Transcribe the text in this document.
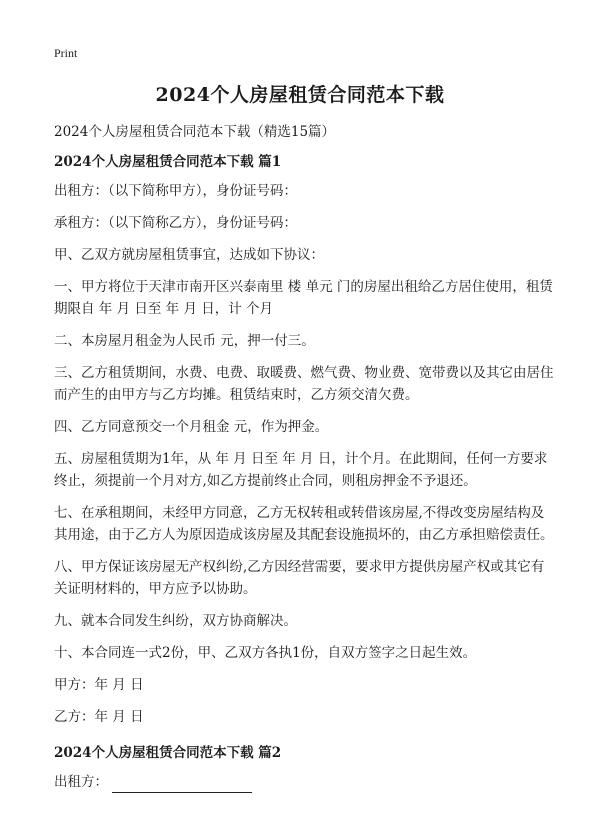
Print
2024个人房屋租赁合同范本下载
2024个人房屋租赁合同范本下载（精选15篇）

2024个人房屋租赁合同范本下载 篇1

出租方：（以下简称甲方），身份证号码：

承租方：（以下简称乙方），身份证号码：

甲、乙双方就房屋租赁事宜，达成如下协议：

一、甲方将位于天津市南开区兴泰南里 楼 单元 门的房屋出租给乙方居住使用，租赁期限自 年 月 日至 年 月 日，计 个月

二、本房屋月租金为人民币 元，押一付三。

三、乙方租赁期间，水费、电费、取暖费、燃气费、物业费、宽带费以及其它由居住而产生的由甲方与乙方均摊。租赁结束时，乙方须交清欠费。

四、乙方同意预交一个月租金 元，作为押金。

五、房屋租赁期为1年，从 年 月 日至 年 月 日，计个月。在此期间，任何一方要求终止，须提前一个月对方,如乙方提前终止合同，则租房押金不予退还。

七、在承租期间，未经甲方同意，乙方无权转租或转借该房屋,不得改变房屋结构及其用途，由于乙方人为原因造成该房屋及其配套设施损坏的，由乙方承担赔偿责任。

八、甲方保证该房屋无产权纠纷,乙方因经营需要，要求甲方提供房屋产权或其它有关证明材料的，甲方应予以协助。

九、就本合同发生纠纷，双方协商解决。

十、本合同连一式2份，甲、乙双方各执1份，自双方签字之日起生效。

甲方：年 月 日

乙方：年 月 日

2024个人房屋租赁合同范本下载 篇2

出租方：
